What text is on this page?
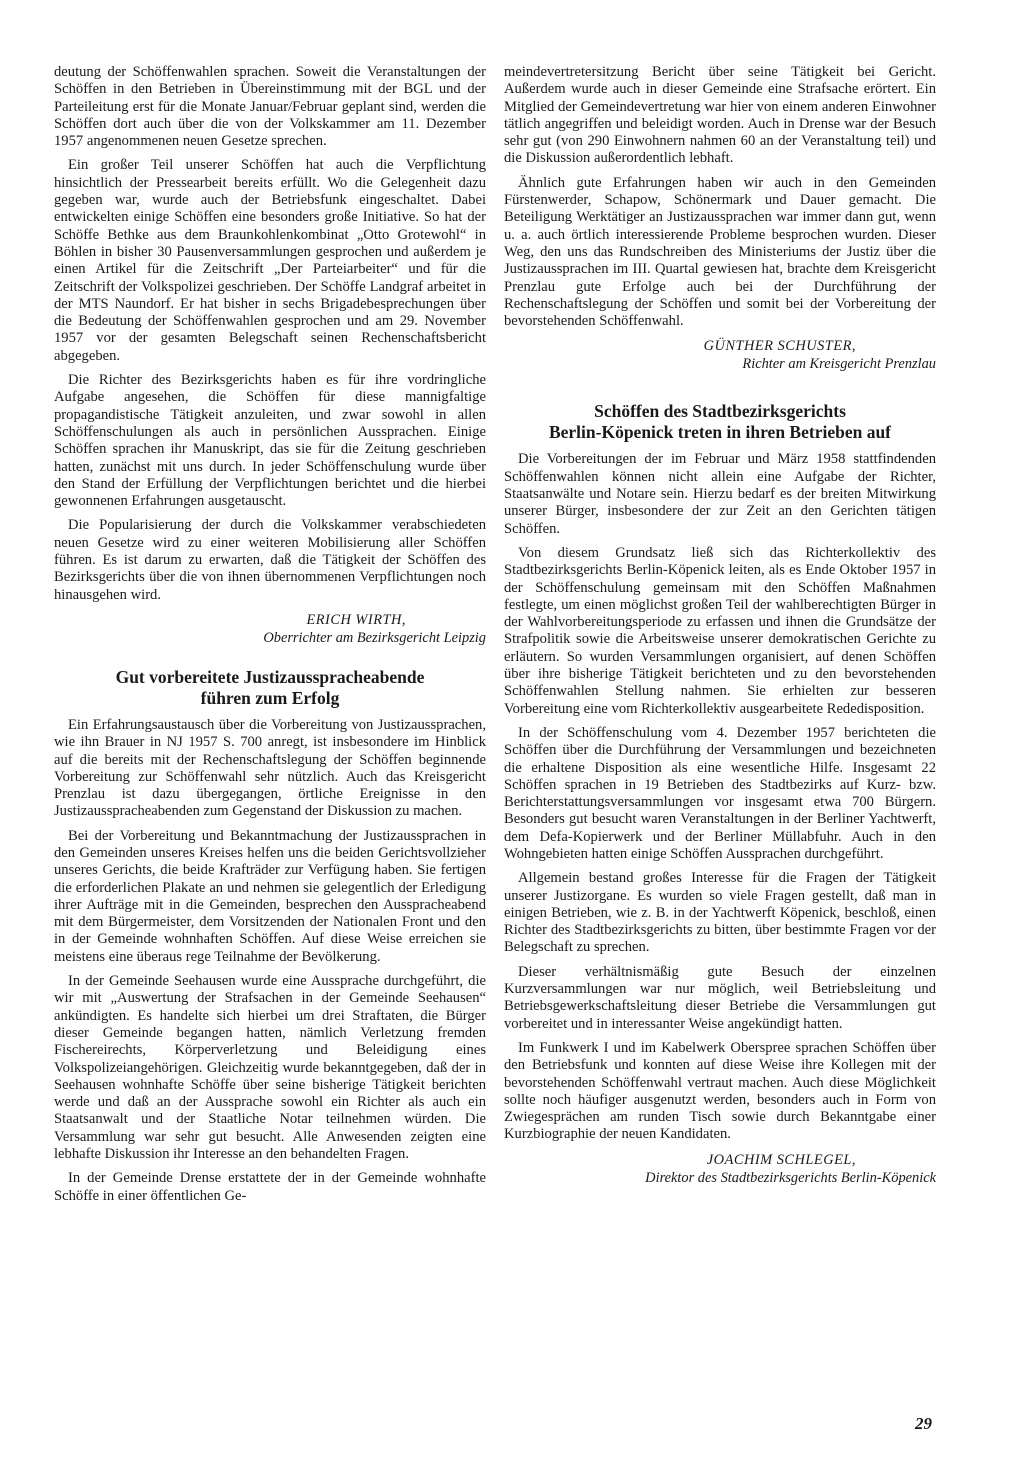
deutung der Schöffenwahlen sprachen. Soweit die Veranstaltungen der Schöffen in den Betrieben in Übereinstimmung mit der BGL und der Parteileitung erst für die Monate Januar/Februar geplant sind, werden die Schöffen dort auch über die von der Volkskammer am 11. Dezember 1957 angenommenen neuen Gesetze sprechen.

Ein großer Teil unserer Schöffen hat auch die Verpflichtung hinsichtlich der Pressearbeit bereits erfüllt. Wo die Gelegenheit dazu gegeben war, wurde auch der Betriebsfunk eingeschaltet. Dabei entwickelten einige Schöffen eine besonders große Initiative. So hat der Schöffe Bethke aus dem Braunkohlenkombinat „Otto Grotewohl“ in Böhlen in bisher 30 Pausenversammlungen gesprochen und außerdem je einen Artikel für die Zeitschrift „Der Parteiarbeiter“ und für die Zeitschrift der Volkspolizei geschrieben. Der Schöffe Landgraf arbeitet in der MTS Naundorf. Er hat bisher in sechs Brigadebesprechungen über die Bedeutung der Schöffenwahlen gesprochen und am 29. November 1957 vor der gesamten Belegschaft seinen Rechenschaftsbericht abgegeben.

Die Richter des Bezirksgerichts haben es für ihre vordringliche Aufgabe angesehen, die Schöffen für diese mannigfaltige propagandistische Tätigkeit anzuleiten, und zwar sowohl in allen Schöffenschulungen als auch in persönlichen Aussprachen. Einige Schöffen sprachen ihr Manuskript, das sie für die Zeitung geschrieben hatten, zunächst mit uns durch. In jeder Schöffenschulung wurde über den Stand der Erfüllung der Verpflichtungen berichtet und die hierbei gewonnenen Erfahrungen ausgetauscht.

Die Popularisierung der durch die Volkskammer verabschiedeten neuen Gesetze wird zu einer weiteren Mobilisierung aller Schöffen führen. Es ist darum zu erwarten, daß die Tätigkeit der Schöffen des Bezirksgerichts über die von ihnen übernommenen Verpflichtungen noch hinausgehen wird.

ERICH WIRTH,
Oberrichter am Bezirksgericht Leipzig
Gut vorbereitete Justizausspracheabende
führen zum Erfolg

Ein Erfahrungsaustausch über die Vorbereitung von Justizaussprachen, wie ihn Brauer in NJ 1957 S. 700 anregt, ist insbesondere im Hinblick auf die bereits mit der Rechenschaftslegung der Schöffen beginnende Vorbereitung zur Schöffenwahl sehr nützlich. Auch das Kreisgericht Prenzlau ist dazu übergegangen, örtliche Ereignisse in den Justizausspracheabenden zum Gegenstand der Diskussion zu machen.

Bei der Vorbereitung und Bekanntmachung der Justizaussprachen in den Gemeinden unseres Kreises helfen uns die beiden Gerichtsvollzieher unseres Gerichts, die beide Krafträder zur Verfügung haben. Sie fertigen die erforderlichen Plakate an und nehmen sie gelegentlich der Erledigung ihrer Aufträge mit in die Gemeinden, besprechen den Ausspracheabend mit dem Bürgermeister, dem Vorsitzenden der Nationalen Front und den in der Gemeinde wohnhaften Schöffen. Auf diese Weise erreichen sie meistens eine überaus rege Teilnahme der Bevölkerung.

In der Gemeinde Seehausen wurde eine Aussprache durchgeführt, die wir mit „Auswertung der Strafsachen in der Gemeinde Seehausen“ ankündigten. Es handelte sich hierbei um drei Straftaten, die Bürger dieser Gemeinde begangen hatten, nämlich Verletzung fremden Fischereirechts, Körperverletzung und Beleidigung eines Volkspolizeiangehörigen. Gleichzeitig wurde bekanntgegeben, daß der in Seehausen wohnhafte Schöffe über seine bisherige Tätigkeit berichten werde und daß an der Aussprache sowohl ein Richter als auch ein Staatsanwalt und der Staatliche Notar teilnehmen würden. Die Versammlung war sehr gut besucht. Alle Anwesenden zeigten eine lebhafte Diskussion ihr Interesse an den behandelten Fragen.

In der Gemeinde Drense erstattete der in der Gemeinde wohnhafte Schöffe in einer öffentlichen Ge-

meindevertretersitzung Bericht über seine Tätigkeit bei Gericht. Außerdem wurde auch in dieser Gemeinde eine Strafsache erörtert. Ein Mitglied der Gemeindevertretung war hier von einem anderen Einwohner tätlich angegriffen und beleidigt worden. Auch in Drense war der Besuch sehr gut (von 290 Einwohnern nahmen 60 an der Veranstaltung teil) und die Diskussion außerordentlich lebhaft.

Ähnlich gute Erfahrungen haben wir auch in den Gemeinden Fürstenwerder, Schapow, Schönermark und Dauer gemacht. Die Beteiligung Werktätiger an Justizaussprachen war immer dann gut, wenn u. a. auch örtlich interessierende Probleme besprochen wurden. Dieser Weg, den uns das Rundschreiben des Ministeriums der Justiz über die Justizaussprachen im III. Quartal gewiesen hat, brachte dem Kreisgericht Prenzlau gute Erfolge auch bei der Durchführung der Rechenschaftslegung der Schöffen und somit bei der Vorbereitung der bevorstehenden Schöffenwahl.

GÜNTHER SCHUSTER,
Richter am Kreisgericht Prenzlau
Schöffen des Stadtbezirksgerichts
Berlin-Köpenick treten in ihren Betrieben auf

Die Vorbereitungen der im Februar und März 1958 stattfindenden Schöffenwahlen können nicht allein eine Aufgabe der Richter, Staatsanwälte und Notare sein. Hierzu bedarf es der breiten Mitwirkung unserer Bürger, insbesondere der zur Zeit an den Gerichten tätigen Schöffen.

Von diesem Grundsatz ließ sich das Richterkollektiv des Stadtbezirksgerichts Berlin-Köpenick leiten, als es Ende Oktober 1957 in der Schöffenschulung gemeinsam mit den Schöffen Maßnahmen festlegte, um einen möglichst großen Teil der wahlberechtigten Bürger in der Wahlvorbereitungsperiode zu erfassen und ihnen die Grundsätze der Strafpolitik sowie die Arbeitsweise unserer demokratischen Gerichte zu erläutern. So wurden Versammlungen organisiert, auf denen Schöffen über ihre bisherige Tätigkeit berichteten und zu den bevorstehenden Schöffenwahlen Stellung nahmen. Sie erhielten zur besseren Vorbereitung eine vom Richterkollektiv ausgearbeitete Rededisposition.

In der Schöffenschulung vom 4. Dezember 1957 berichteten die Schöffen über die Durchführung der Versammlungen und bezeichneten die erhaltene Disposition als eine wesentliche Hilfe. Insgesamt 22 Schöffen sprachen in 19 Betrieben des Stadtbezirks auf Kurz- bzw. Berichterstattungsversammlungen vor insgesamt etwa 700 Bürgern. Besonders gut besucht waren Veranstaltungen in der Berliner Yachtwerft, dem Defa-Kopierwerk und der Berliner Müllabfuhr. Auch in den Wohngebieten hatten einige Schöffen Aussprachen durchgeführt.

Allgemein bestand großes Interesse für die Fragen der Tätigkeit unserer Justizorgane. Es wurden so viele Fragen gestellt, daß man in einigen Betrieben, wie z. B. in der Yachtwerft Köpenick, beschloß, einen Richter des Stadtbezirksgerichts zu bitten, über bestimmte Fragen vor der Belegschaft zu sprechen.

Dieser verhältnismäßig gute Besuch der einzelnen Kurzversammlungen war nur möglich, weil Betriebsleitung und Betriebsgewerkschaftsleitung dieser Betriebe die Versammlungen gut vorbereitet und in interessanter Weise angekündigt hatten.

Im Funkwerk I und im Kabelwerk Oberspree sprachen Schöffen über den Betriebsfunk und konnten auf diese Weise ihre Kollegen mit der bevorstehenden Schöffenwahl vertraut machen. Auch diese Möglichkeit sollte noch häufiger ausgenutzt werden, besonders auch in Form von Zwiegesprächen am runden Tisch sowie durch Bekanntgabe einer Kurzbiographie der neuen Kandidaten.

JOACHIM SCHLEGEL,
Direktor des Stadtbezirksgerichts Berlin-Köpenick
29
